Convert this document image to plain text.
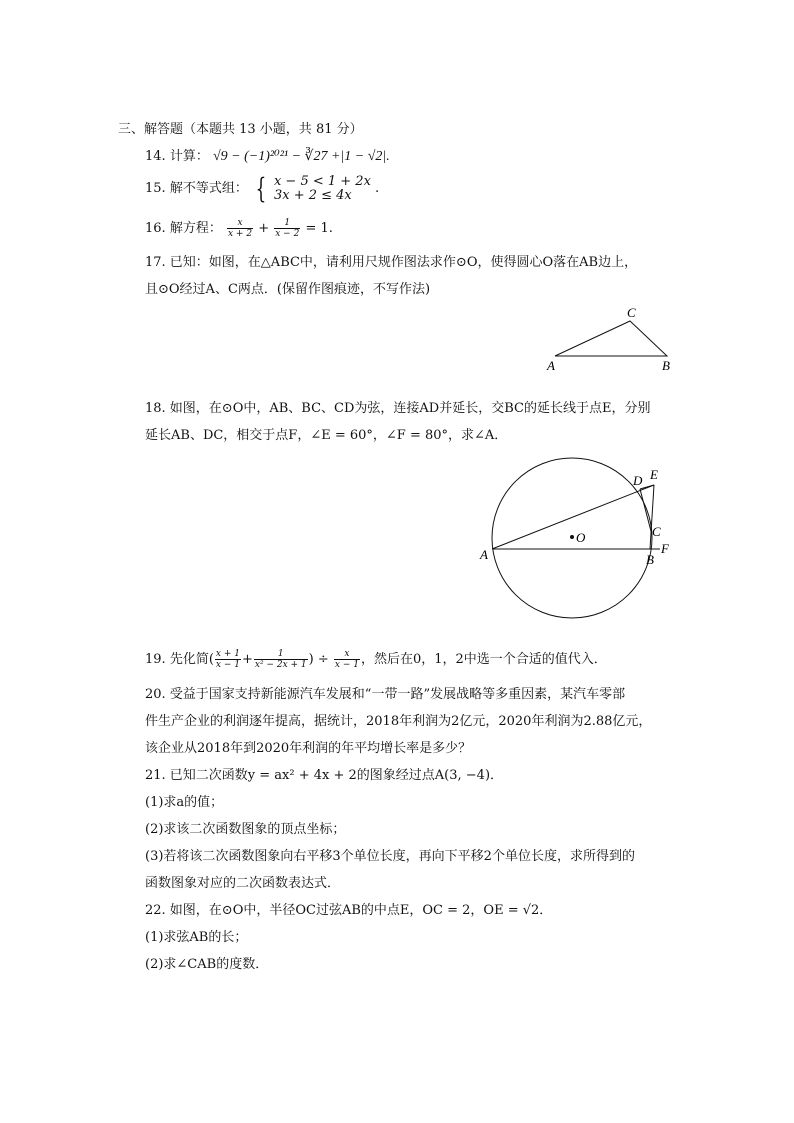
三、解答题（本题共 13 小题，共 81 分）
14. 计算： √9 − (−1)²⁰²¹ − ∛27 +|1 − √2|.
15. 解不等式组： { x − 5 < 1 + 2x
3x + 2 ≤ 4x	.
16. 解方程： $\frac{x}{x + 2} + \frac{1}{x - 2} = 1$.
17. 已知：如图，在△ABC中，请利用尺规作图法求作⊙O，使得圆心O落在AB边上，
且⊙O经过A、C两点．(保留作图痕迹，不写作法)
A
C
B
18. 如图，在⊙O中，AB、BC、CD为弦，连接AD并延长，交BC的延长线于点E，分别
延长AB、DC，相交于点F，∠E = 60°，∠F = 80°，求∠A．
O
A
D E
C
B
F
19. 先化简( $\frac{x + 1}{x - 1} + \frac{1}{\text{x² − 2x + 1}}$ ) ÷ $\frac{x}{x - 1}$ ，然后在0，1，2中选一个合适的值代入．
20. 受益于国家支持新能源汽车发展和“一带一路”发展战略等多重因素，某汽车零部
件生产企业的利润逐年提高，据统计，2018年利润为2亿元，2020年利润为2.88亿元，
该企业从2018年到2020年利润的年平均增长率是多少？
21. 已知二次函数y = ax² + 4x + 2的图象经过点A(3, −4)．
(1)求a的值；
(2)求该二次函数图象的顶点坐标；
(3)若将该二次函数图象向右平移3个单位长度，再向下平移2个单位长度，求所得到的
函数图象对应的二次函数表达式．
22. 如图，在⊙O中，半径OC过弦AB的中点E，OC = 2，OE = √2．
(1)求弦AB的长；
(2)求∠CAB的度数．
